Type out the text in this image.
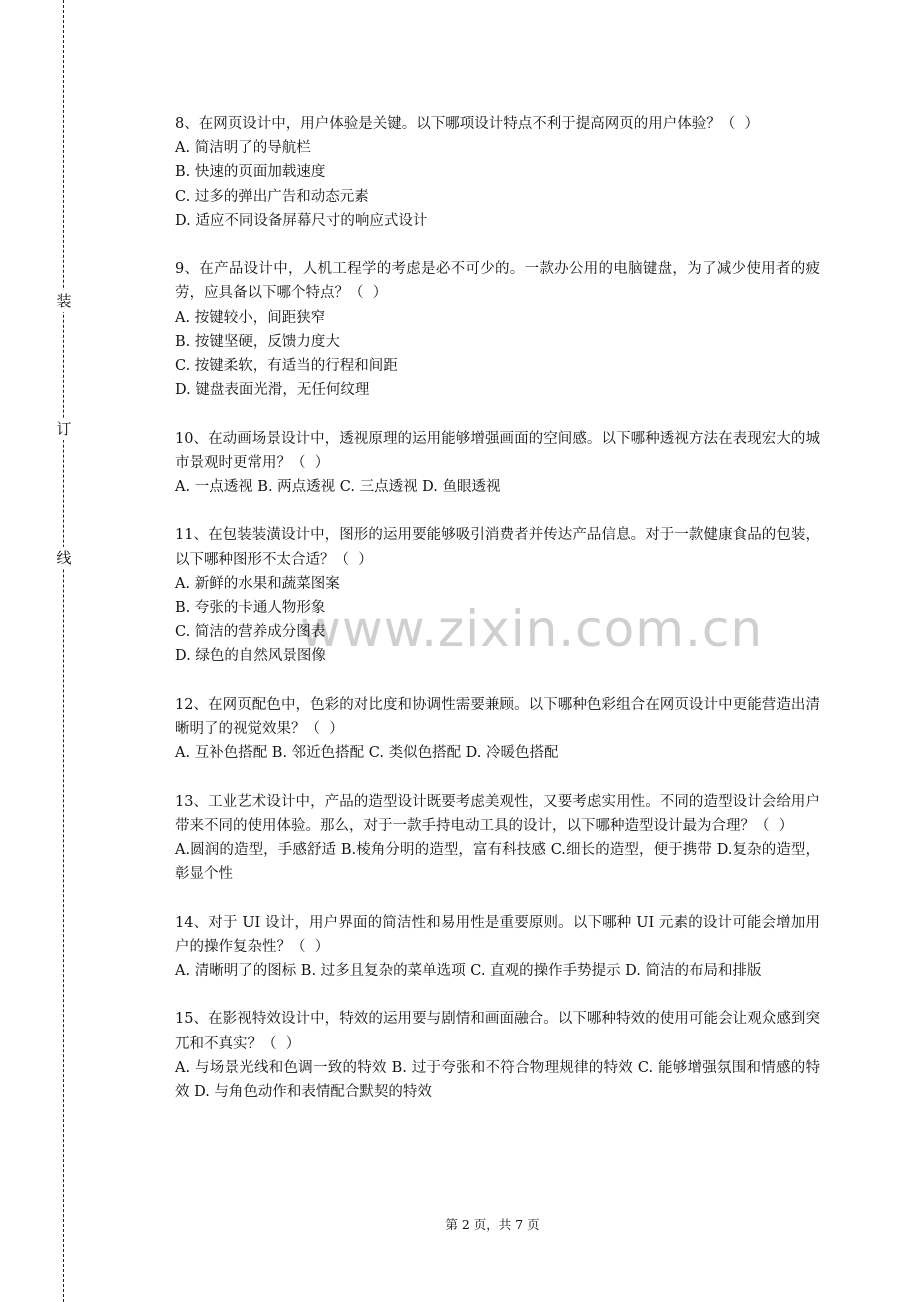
装
订
线
www.zixin.com.cn

8、在网页设计中，用户体验是关键。以下哪项设计特点不利于提高网页的用户体验？（  ）

A. 简洁明了的导航栏

B. 快速的页面加载速度

C. 过多的弹出广告和动态元素

D. 适应不同设备屏幕尺寸的响应式设计

9、在产品设计中，人机工程学的考虑是必不可少的。一款办公用的电脑键盘，为了减少使用者的疲劳，应具备以下哪个特点？（  ）

A. 按键较小，间距狭窄

B. 按键坚硬，反馈力度大

C. 按键柔软，有适当的行程和间距

D. 键盘表面光滑，无任何纹理

10、在动画场景设计中，透视原理的运用能够增强画面的空间感。以下哪种透视方法在表现宏大的城市景观时更常用？（  ）

A. 一点透视 B. 两点透视 C. 三点透视 D. 鱼眼透视

11、在包装装潢设计中，图形的运用要能够吸引消费者并传达产品信息。对于一款健康食品的包装，以下哪种图形不太合适？（  ）

A. 新鲜的水果和蔬菜图案

B. 夸张的卡通人物形象

C. 简洁的营养成分图表

D. 绿色的自然风景图像

12、在网页配色中，色彩的对比度和协调性需要兼顾。以下哪种色彩组合在网页设计中更能营造出清晰明了的视觉效果？（  ）

A. 互补色搭配 B. 邻近色搭配 C. 类似色搭配 D. 冷暖色搭配

13、工业艺术设计中，产品的造型设计既要考虑美观性，又要考虑实用性。不同的造型设计会给用户带来不同的使用体验。那么，对于一款手持电动工具的设计，以下哪种造型设计最为合理？（  ）

A.圆润的造型，手感舒适 B.棱角分明的造型，富有科技感 C.细长的造型，便于携带 D.复杂的造型，彰显个性

14、对于 UI 设计，用户界面的简洁性和易用性是重要原则。以下哪种 UI 元素的设计可能会增加用户的操作复杂性？（  ）

A. 清晰明了的图标 B. 过多且复杂的菜单选项 C. 直观的操作手势提示 D. 简洁的布局和排版

15、在影视特效设计中，特效的运用要与剧情和画面融合。以下哪种特效的使用可能会让观众感到突兀和不真实？（  ）

A. 与场景光线和色调一致的特效 B. 过于夸张和不符合物理规律的特效 C. 能够增强氛围和情感的特效 D. 与角色动作和表情配合默契的特效

第 2 页，共 7 页
